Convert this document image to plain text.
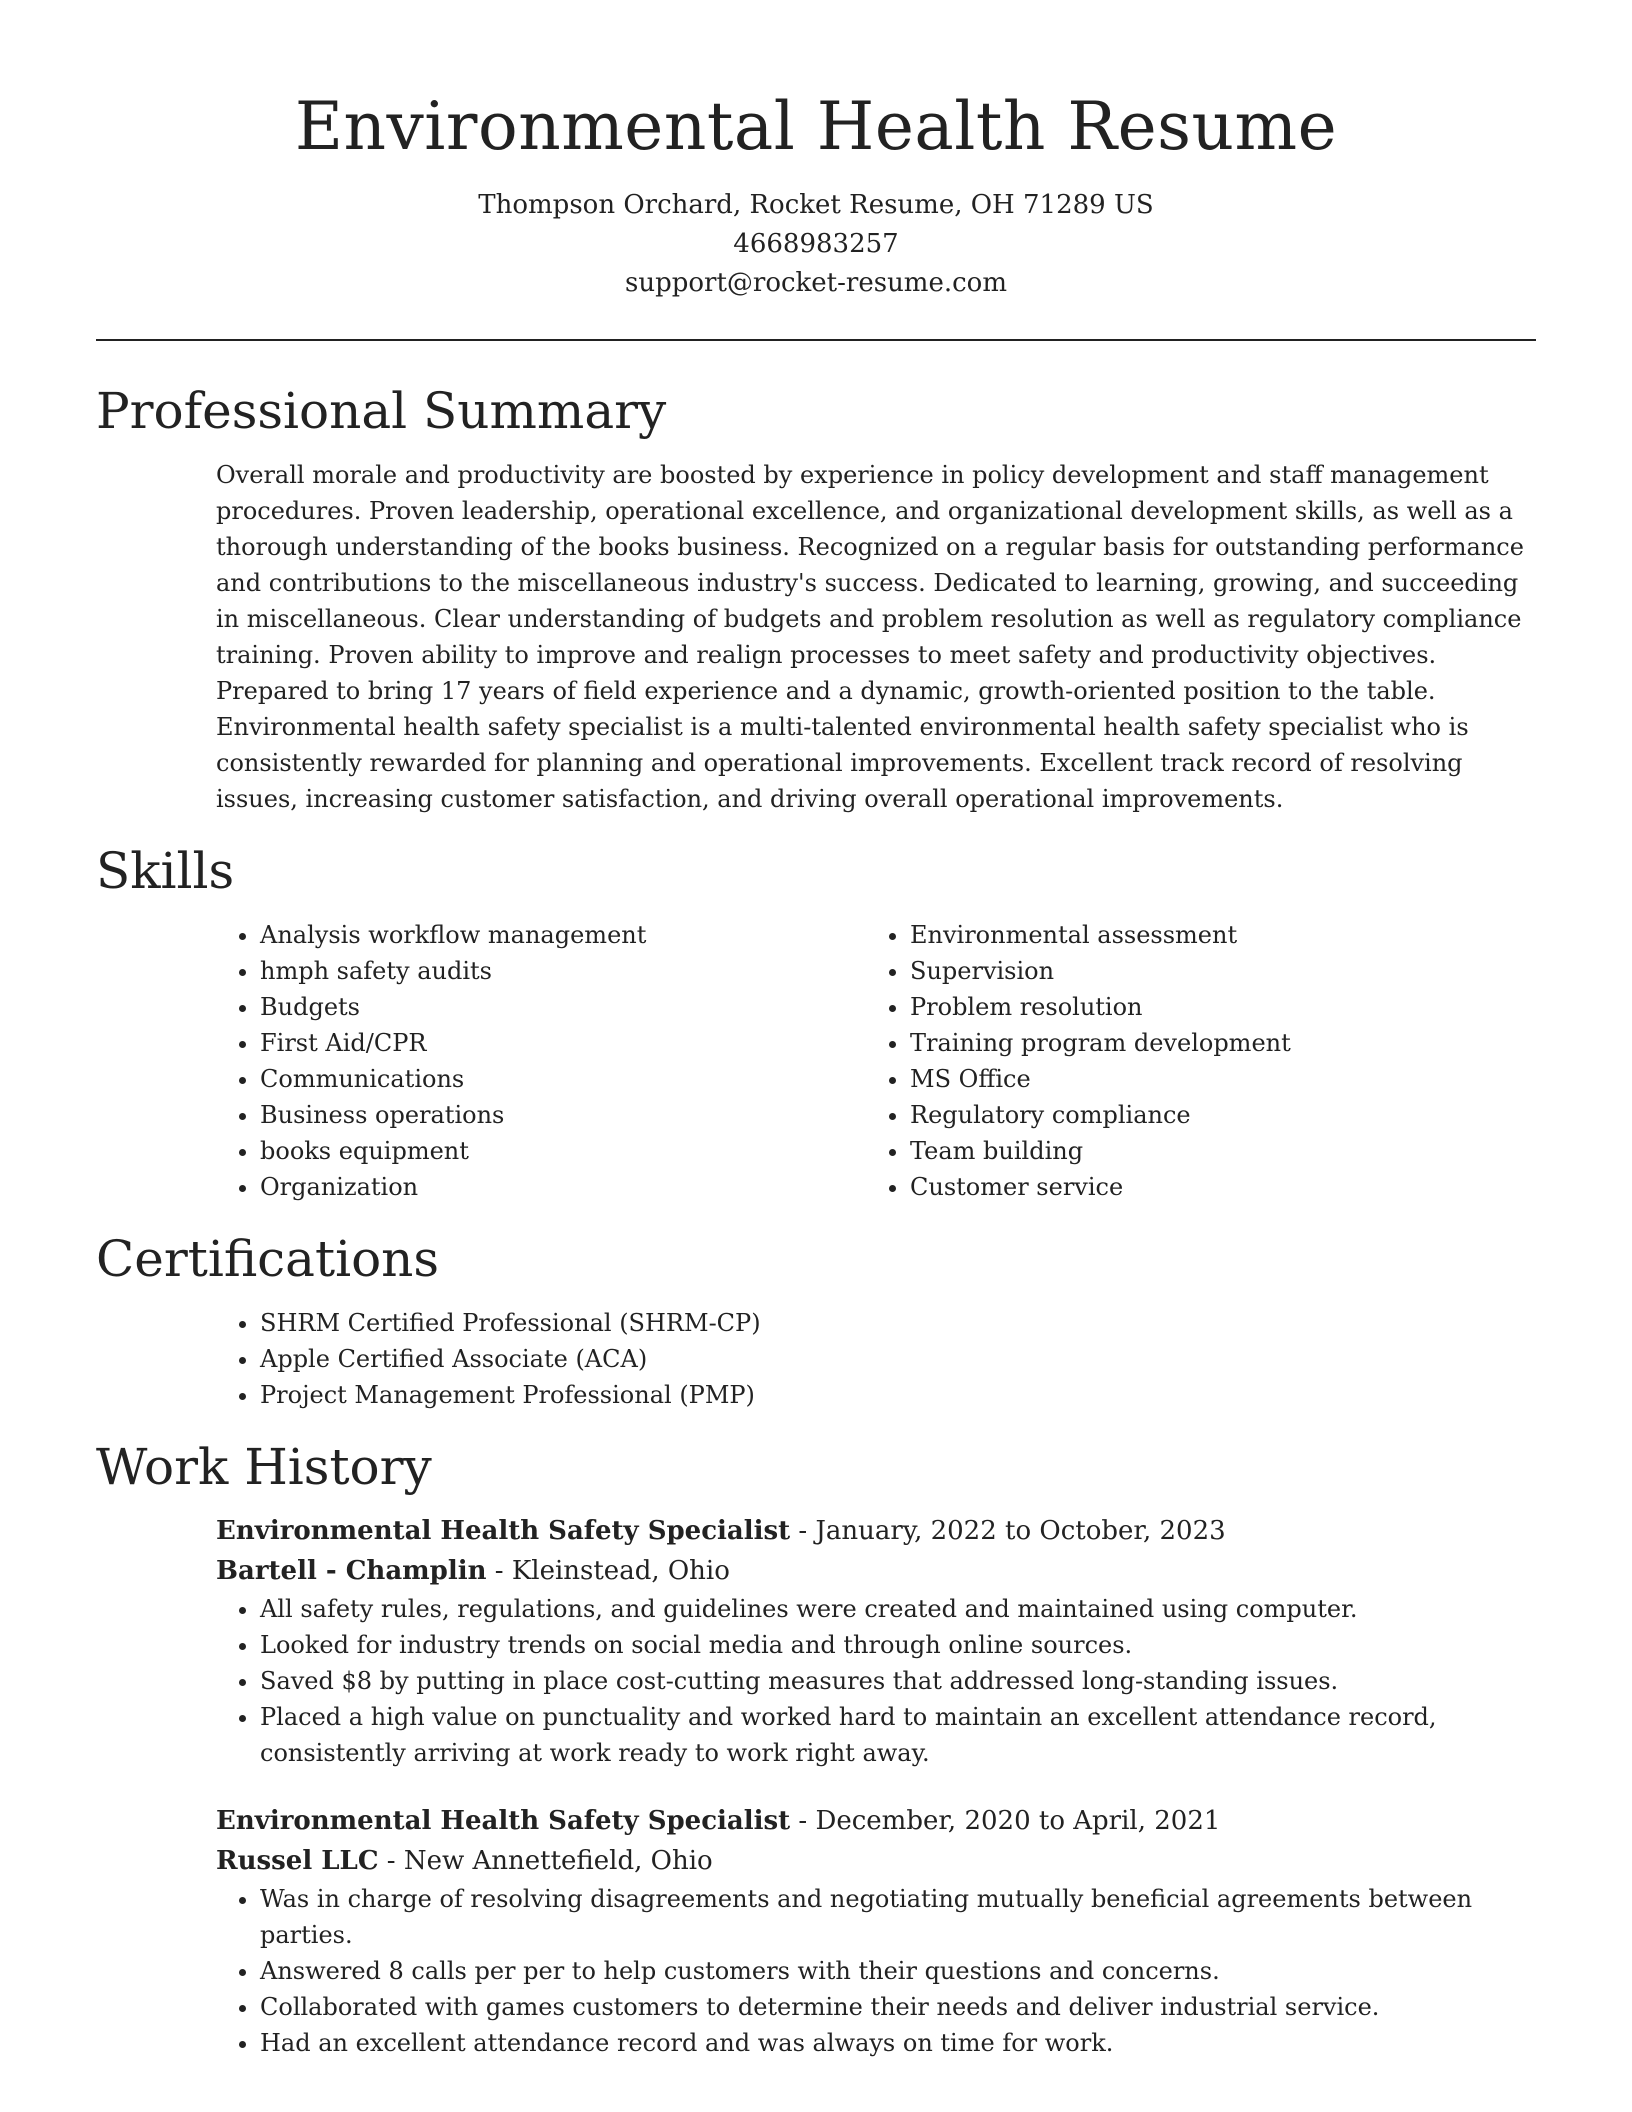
Environmental Health Resume

Thompson Orchard, Rocket Resume, OH 71289 US

4668983257

support@rocket-resume.com

Professional Summary

Overall morale and productivity are boosted by experience in policy development and staff management procedures. Proven leadership, operational excellence, and organizational development skills, as well as a thorough understanding of the books business. Recognized on a regular basis for outstanding performance and contributions to the miscellaneous industry's success. Dedicated to learning, growing, and succeeding in miscellaneous. Clear understanding of budgets and problem resolution as well as regulatory compliance training. Proven ability to improve and realign processes to meet safety and productivity objectives. Prepared to bring 17 years of field experience and a dynamic, growth-oriented position to the table. Environmental health safety specialist is a multi-talented environmental health safety specialist who is consistently rewarded for planning and operational improvements. Excellent track record of resolving issues, increasing customer satisfaction, and driving overall operational improvements.

Skills
• Analysis workflow management
• hmph safety audits
• Budgets
• First Aid/CPR
• Communications
• Business operations
• books equipment
• Organization
• Environmental assessment
• Supervision
• Problem resolution
• Training program development
• MS Office
• Regulatory compliance
• Team building
• Customer service
Certifications
• SHRM Certified Professional (SHRM-CP)
• Apple Certified Associate (ACA)
• Project Management Professional (PMP)
Work History

Environmental Health Safety Specialist - January, 2022 to October, 2023

Bartell - Champlin - Kleinstead, Ohio

• All safety rules, regulations, and guidelines were created and maintained using computer.
• Looked for industry trends on social media and through online sources.
• Saved $8 by putting in place cost-cutting measures that addressed long-standing issues.
• Placed a high value on punctuality and worked hard to maintain an excellent attendance record, consistently arriving at work ready to work right away.

Environmental Health Safety Specialist - December, 2020 to April, 2021

Russel LLC - New Annettefield, Ohio

• Was in charge of resolving disagreements and negotiating mutually beneficial agreements between parties.
• Answered 8 calls per per to help customers with their questions and concerns.
• Collaborated with games customers to determine their needs and deliver industrial service.
• Had an excellent attendance record and was always on time for work.
